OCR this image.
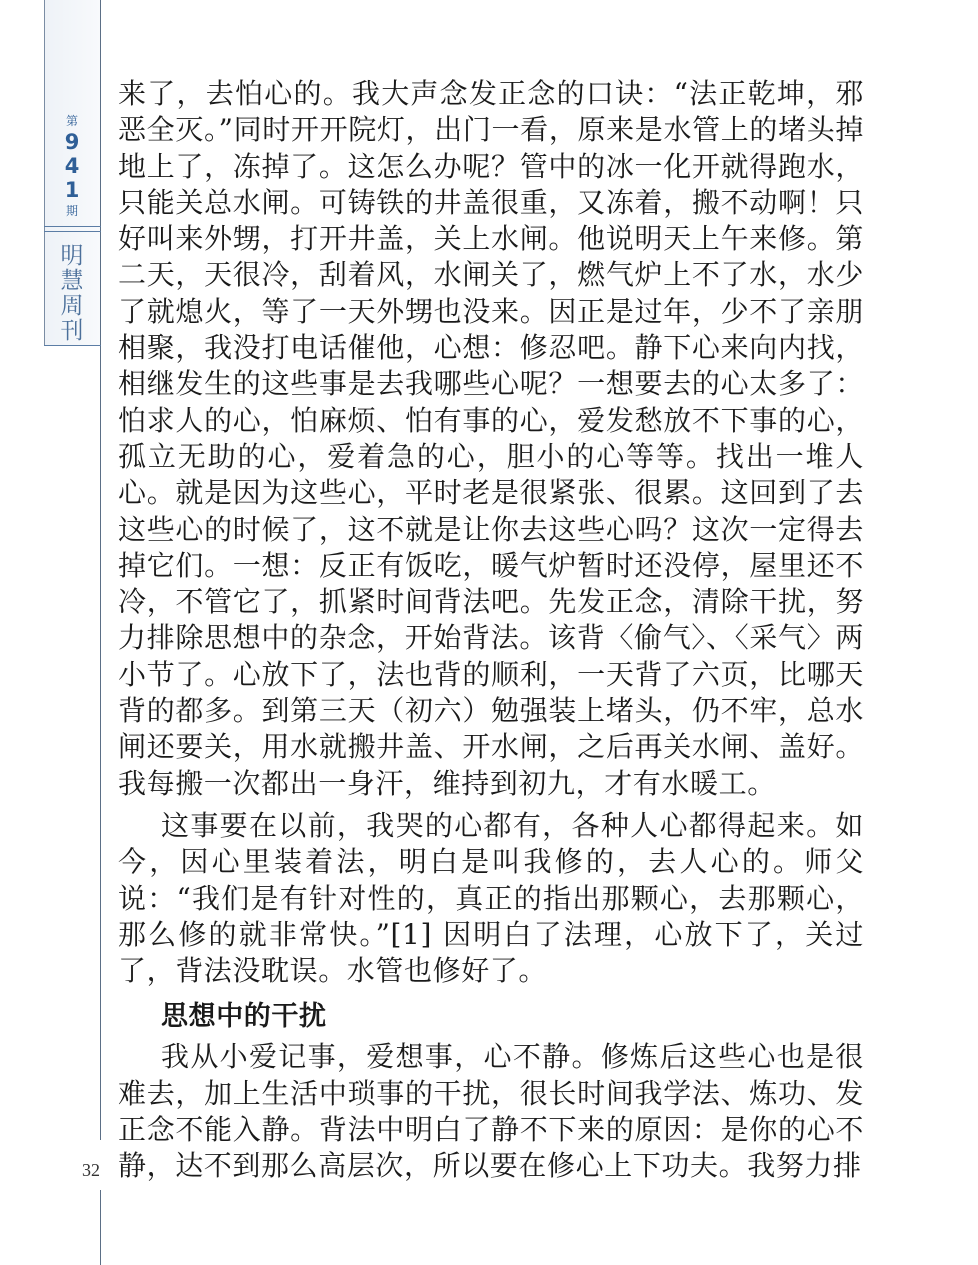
第
9
4
1
期
明
慧
周
刊
32

来了，去怕心的。我大声念发正念的口诀：“法正乾坤，邪恶全灭。”同时开开院灯，出门一看，原来是水管上的堵头掉地上了，冻掉了。这怎么办呢？管中的冰一化开就得跑水，只能关总水闸。可铸铁的井盖很重，又冻着，搬不动啊！只好叫来外甥，打开井盖，关上水闸。他说明天上午来修。第二天，天很冷，刮着风，水闸关了，燃气炉上不了水，水少了就熄火，等了一天外甥也没来。因正是过年，少不了亲朋相聚，我没打电话催他，心想：修忍吧。静下心来向内找，相继发生的这些事是去我哪些心呢？一想要去的心太多了：怕求人的心，怕麻烦、怕有事的心，爱发愁放不下事的心，孤立无助的心，爱着急的心，胆小的心等等。找出一堆人心。就是因为这些心，平时老是很紧张、很累。这回到了去这些心的时候了，这不就是让你去这些心吗？这次一定得去掉它们。一想：反正有饭吃，暖气炉暂时还没停，屋里还不冷，不管它了，抓紧时间背法吧。先发正念，清除干扰，努力排除思想中的杂念，开始背法。该背〈偷气〉、〈采气〉两小节了。心放下了，法也背的顺利，一天背了六页，比哪天背的都多。到第三天（初六）勉强装上堵头，仍不牢，总水闸还要关，用水就搬井盖、开水闸，之后再关水闸、盖好。我每搬一次都出一身汗，维持到初九，才有水暖工。

这事要在以前，我哭的心都有，各种人心都得起来。如今，因心里装着法，明白是叫我修的，去人心的。师父说：“我们是有针对性的，真正的指出那颗心，去那颗心，那么修的就非常快。”[1] 因明白了法理，心放下了，关过了，背法没耽误。水管也修好了。

思想中的干扰

我从小爱记事，爱想事，心不静。修炼后这些心也是很难去，加上生活中琐事的干扰，很长时间我学法、炼功、发正念不能入静。背法中明白了静不下来的原因：是你的心不静，达不到那么高层次，所以要在修心上下功夫。我努力排
